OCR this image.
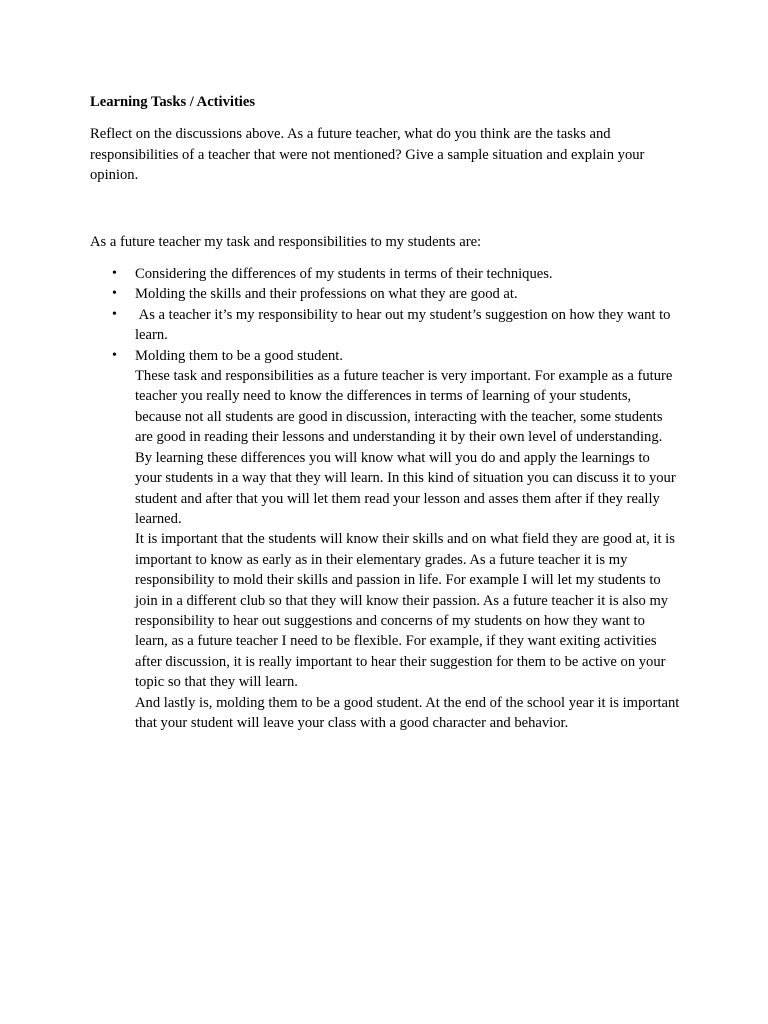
Learning Tasks / Activities

Reflect on the discussions above. As a future teacher, what do you think are the tasks and responsibilities of a teacher that were not mentioned? Give a sample situation and explain your opinion.

As a future teacher my task and responsibilities to my students are:

• Considering the differences of my students in terms of their techniques.
• Molding the skills and their professions on what they are good at.
• As a teacher it’s my responsibility to hear out my student’s suggestion on how they want to learn.
• Molding them to be a good student.
These task and responsibilities as a future teacher is very important. For example as a future teacher you really need to know the differences in terms of learning of your students, because not all students are good in discussion, interacting with the teacher, some students are good in reading their lessons and understanding it by their own level of understanding. By learning these differences you will know what will you do and apply the learnings to your students in a way that they will learn. In this kind of situation you can discuss it to your student and after that you will let them read your lesson and asses them after if they really learned.
It is important that the students will know their skills and on what field they are good at, it is important to know as early as in their elementary grades. As a future teacher it is my responsibility to mold their skills and passion in life. For example I will let my students to join in a different club so that they will know their passion. As a future teacher it is also my responsibility to hear out suggestions and concerns of my students on how they want to learn, as a future teacher I need to be flexible. For example, if they want exiting activities after discussion, it is really important to hear their suggestion for them to be active on your topic so that they will learn.
And lastly is, molding them to be a good student. At the end of the school year it is important that your student will leave your class with a good character and behavior.
